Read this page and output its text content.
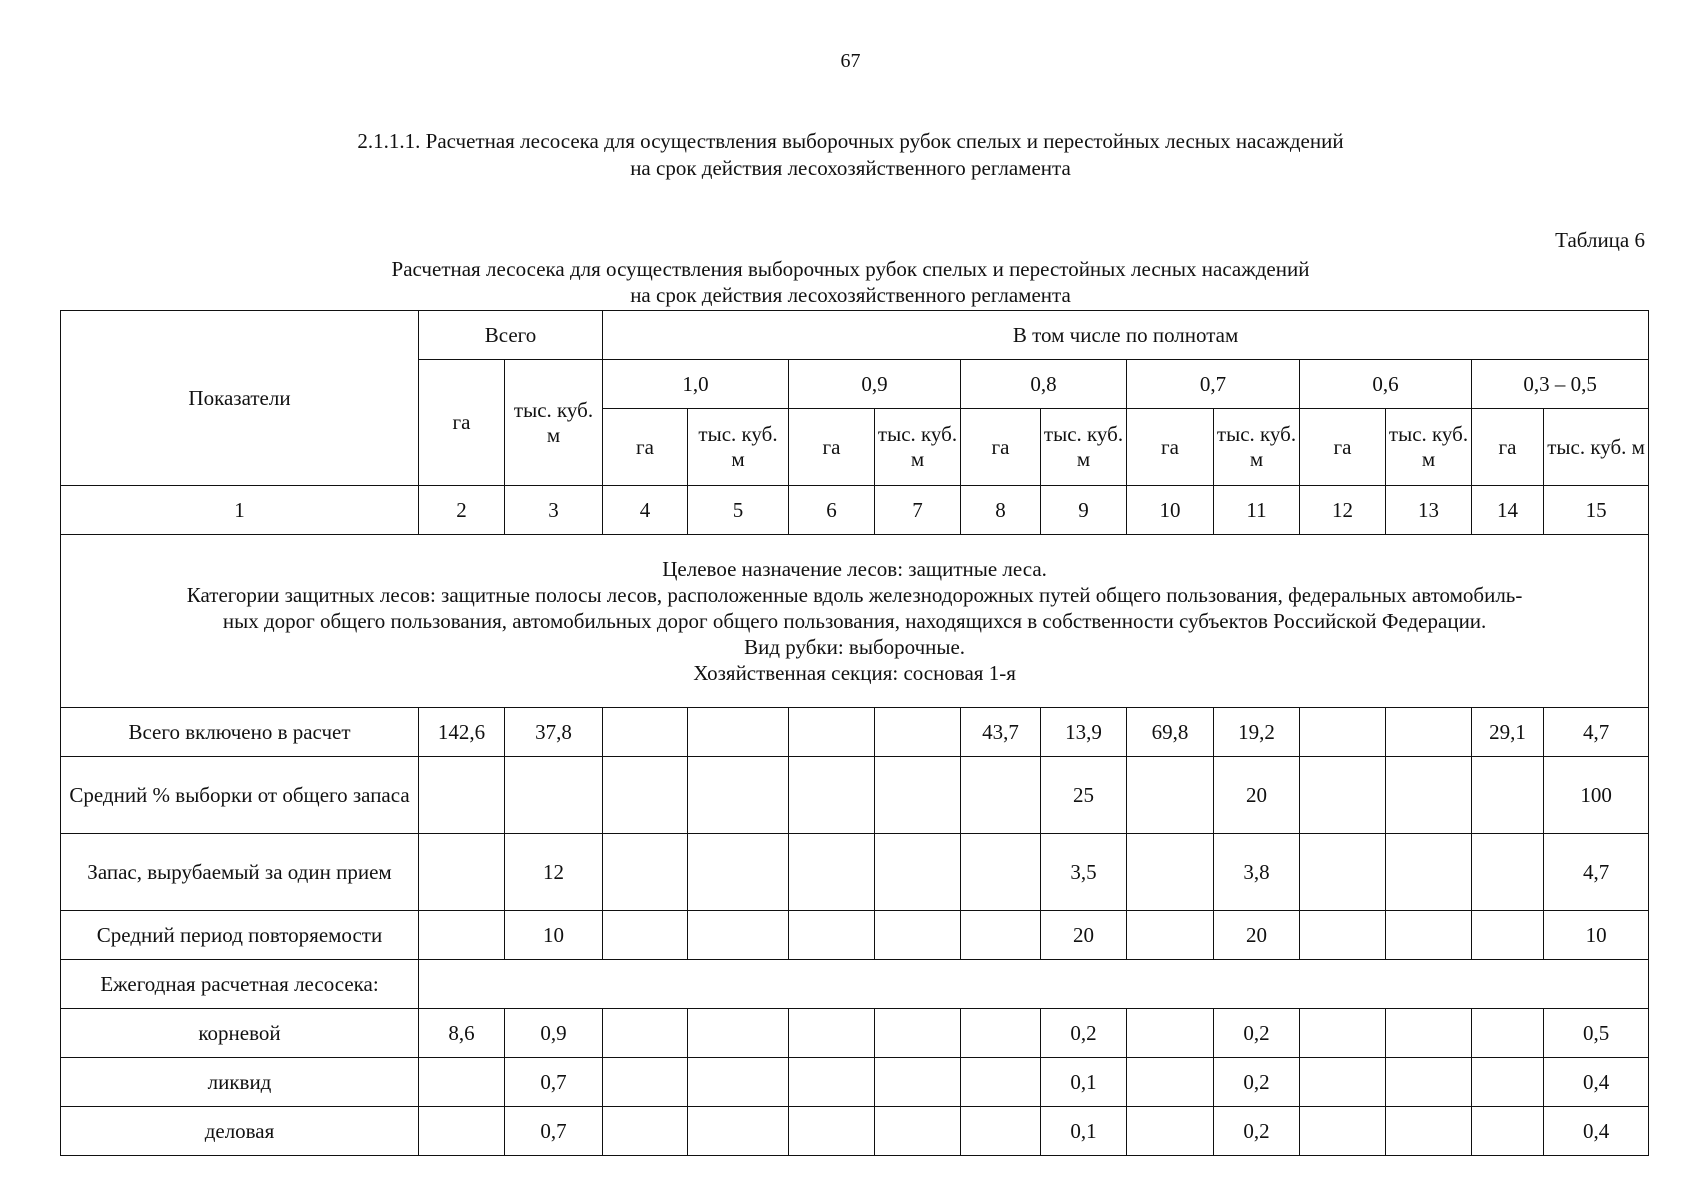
67
2.1.1.1. Расчетная лесосека для осуществления выборочных рубок спелых и перестойных лесных насаждений
на срок действия лесохозяйственного регламента
Таблица 6
Расчетная лесосека для осуществления выборочных рубок спелых и перестойных лесных насаждений
на срок действия лесохозяйственного регламента
Показатели	Всего		В том числе по полнотам											
	га	тыс. куб. м	1,0		0,9		0,8		0,7		0,6		0,3 – 0,5	
			га	тыс. куб. м	га	тыс. куб. м	га	тыс. куб. м	га	тыс. куб. м	га	тыс. куб. м	га	тыс. куб. м
1	2	3	4	5	6	7	8	9	10	11	12	13	14	15

Целевое назначение лесов: защитные леса.
Категории защитных лесов: защитные полосы лесов, расположенные вдоль железнодорожных путей общего пользования, федеральных автомобиль-
ных дорог общего пользования, автомобильных дорог общего пользования, находящихся в собственности субъектов Российской Федерации.
Вид рубки: выборочные.
Хозяйственная секция: сосновая 1-я														

Всего включено в расчет	142,6	37,8					43,7	13,9	69,8	19,2			29,1	4,7
Средний % выборки от общего запаса								25		20				100
Запас, вырубаемый за один прием		12						3,5		3,8				4,7
Средний период повторяемости		10						20		20				10
Ежегодная расчетная лесосека:														
корневой	8,6	0,9						0,2		0,2				0,5
ликвид		0,7						0,1		0,2				0,4
деловая		0,7						0,1		0,2				0,4
